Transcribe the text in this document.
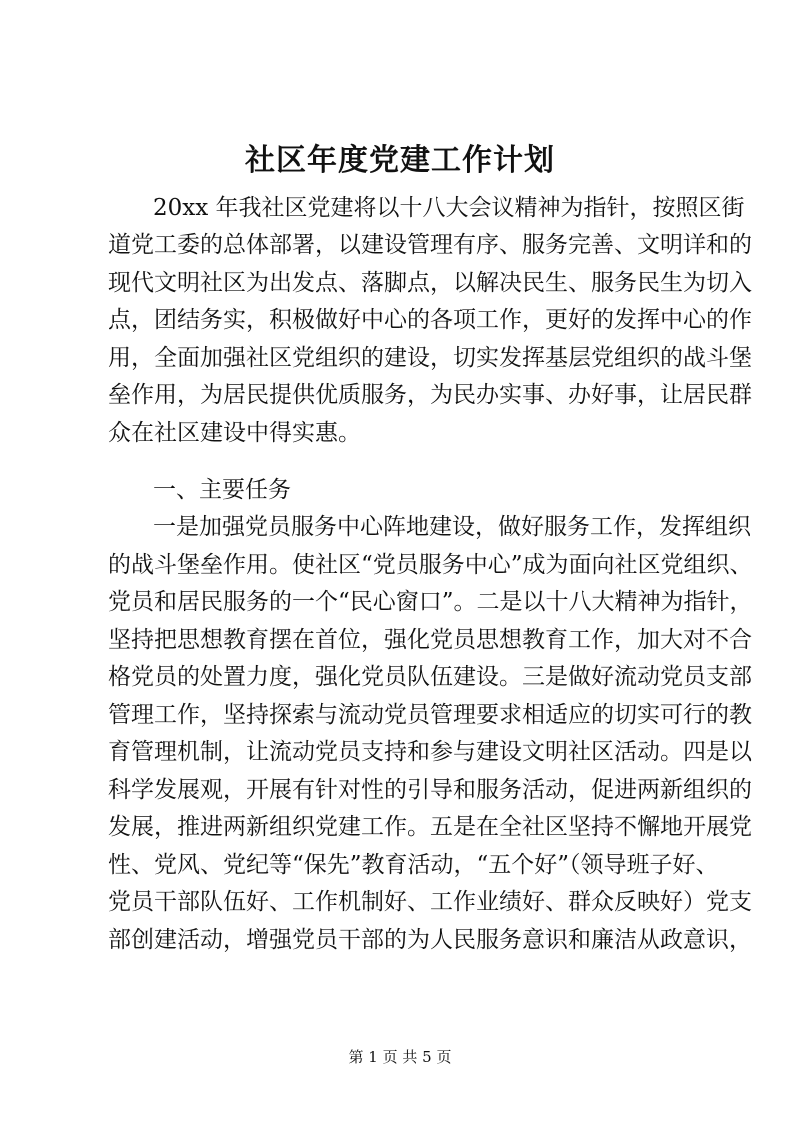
社区年度党建工作计划
20xx 年我社区党建将以十八大会议精神为指针，按照区街
道党工委的总体部署，以建设管理有序、服务完善、文明详和的
现代文明社区为出发点、落脚点，以解决民生、服务民生为切入
点，团结务实，积极做好中心的各项工作，更好的发挥中心的作
用，全面加强社区党组织的建设，切实发挥基层党组织的战斗堡
垒作用，为居民提供优质服务，为民办实事、办好事，让居民群
众在社区建设中得实惠。
一、主要任务
一是加强党员服务中心阵地建设，做好服务工作，发挥组织
的战斗堡垒作用。使社区“党员服务中心”成为面向社区党组织、
党员和居民服务的一个“民心窗口”。二是以十八大精神为指针，
坚持把思想教育摆在首位，强化党员思想教育工作，加大对不合
格党员的处置力度，强化党员队伍建设。三是做好流动党员支部
管理工作，坚持探索与流动党员管理要求相适应的切实可行的教
育管理机制，让流动党员支持和参与建设文明社区活动。四是以
科学发展观，开展有针对性的引导和服务活动，促进两新组织的
发展，推进两新组织党建工作。五是在全社区坚持不懈地开展党
性、党风、党纪等“保先”教育活动，“五个好”（领导班子好、
党员干部队伍好、工作机制好、工作业绩好、群众反映好）党支
部创建活动，增强党员干部的为人民服务意识和廉洁从政意识，
第 1 页 共 5 页
